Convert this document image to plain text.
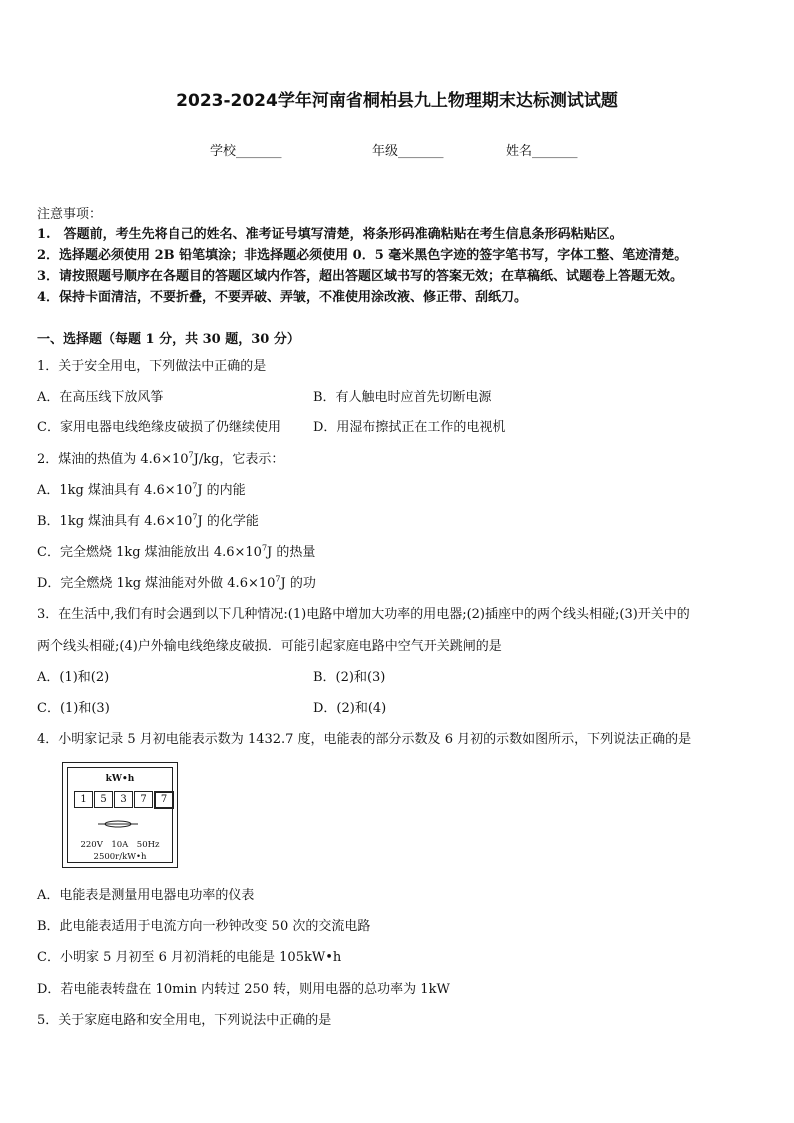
2023-2024学年河南省桐柏县九上物理期末达标测试试题
学校_______	年级_______	姓名_______
注意事项：
1.　答题前，考生先将自己的姓名、准考证号填写清楚，将条形码准确粘贴在考生信息条形码粘贴区。
2．选择题必须使用 2B 铅笔填涂；非选择题必须使用 0．5 毫米黑色字迹的签字笔书写，字体工整、笔迹清楚。
3．请按照题号顺序在各题目的答题区域内作答，超出答题区域书写的答案无效；在草稿纸、试题卷上答题无效。
4．保持卡面清洁，不要折叠，不要弄破、弄皱，不准使用涂改液、修正带、刮纸刀。
一、选择题（每题 1 分，共 30 题，30 分）
1．关于安全用电，下列做法中正确的是
A．在高压线下放风筝	B．有人触电时应首先切断电源
C．家用电器电线绝缘皮破损了仍继续使用 D．用湿布擦拭正在工作的电视机
2．煤油的热值为 $4.6\times 10^7J/kg$，它表示：
A．1kg 煤油具有 $4.6\times 10^7J$ 的内能
B．1kg 煤油具有 $4.6\times 10^7J$ 的化学能
C．完全燃烧 1kg 煤油能放出 $4.6\times 10^7J$ 的热量
D．完全燃烧 1kg 煤油能对外做 $4.6\times 10^7J$ 的功
3．在生活中,我们有时会遇到以下几种情况:(1)电路中增加大功率的用电器;(2)插座中的两个线头相碰;(3)开关中的
两个线头相碰;(4)户外输电线绝缘皮破损．可能引起家庭电路中空气开关跳闸的是
A．(1)和(2)	B．(2)和(3)
C．(1)和(3)	D．(2)和(4)
4．小明家记录 5 月初电能表示数为 1432.7 度，电能表的部分示数及 6 月初的示数如图所示，下列说法正确的是
kW•h
1	5	3	7	7
220V　10A　50Hz
2500r/kW•h
A．电能表是测量用电器电功率的仪表
B．此电能表适用于电流方向一秒钟改变 50 次的交流电路
C．小明家 5 月初至 6 月初消耗的电能是 105kW•h
D．若电能表转盘在 10min 内转过 250 转，则用电器的总功率为 1kW
5．关于家庭电路和安全用电，下列说法中正确的是
